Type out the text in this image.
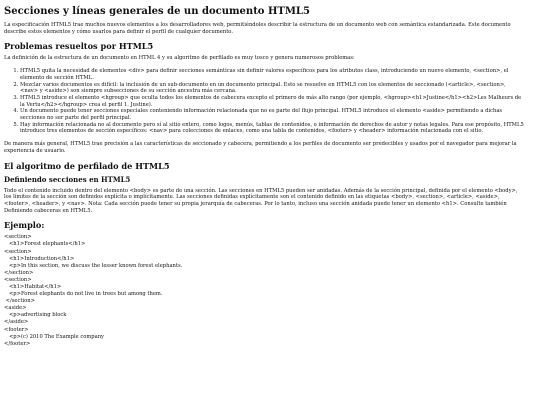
Secciones y líneas generales de un documento HTML5

La especificación HTML5 trae muchos nuevos elementos a los desarrolladores web, permitiéndoles describir la estructura de un documento web con semántica estandarizada. Este documento describe estos elementos y cómo usarlos para definir el perfil de cualquier documento.

Problemas resueltos por HTML5

La definición de la estructura de un documento en HTML 4 y su algoritmo de perfilado es muy tosco y genera numerosos problemas:

1. HTML5 quita la necesidad de elementos <div> para definir secciones semánticas sin definir valores específicos para los atributos class, introduciendo un nuevo elemento, <section>, el elemento de sección HTML.
2. Mezclar varios documentos es difícil: la inclusión de un sub-documento en un documento principal. Esto se resuelve en HTML5 con los elementos de seccionado (<article>, <section>, <nav> y <aside>) son siempre subsecciones de su sección ancestra más cercana.
3. HTML5 introduce el elemento <hgroup> que oculta todos los elementos de cabecera excepto el primero de más alto rango (por ejemplo, <hgroup><h1>Justine</h1><h2>Les Malheurs de la Vertu</h2></hgroup> crea el perfil 1. Justine).
4. Un documento puede tener secciones especiales conteniendo información relacionada que no es parte del flujo principal. HTML5 introduce el elemento <aside> permitiendo a dichas secciones no ser parte del perfil principal.
5. Hay información relacionada no al documento pero sí al sitio entero, como logos, menús, tablas de contenidos, o información de derechos de autor y notas legales. Para ese propósito, HTML5 introduce tres elementos de sección específicos: <nav> para colecciones de enlaces, como una tabla de contenidos, <footer> y <header> información relacionada con el sitio.

De manera más general, HTML5 trae precisión a las características de seccionado y cabecera, permitiendo a los perfiles de documento ser predecibles y usados por el navegador para mejorar la experiencia de usuario.

El algoritmo de perfilado de HTML5
Definiendo secciones en HTML5

Todo el contenido incluido dentro del elemento <body> es parte de una sección. Las secciones en HTML5 pueden ser anidadas. Además de la sección principal, definida por el elemento <body>, los límites de la sección son definidos explícita o implícitamente. Las secciones definidas explícitamente son el contenido definido en las etiquetas <body>, <section>, <article>, <aside>, <footer>, <header>, y <nav>. Nota: Cada sección puede tener su propia jerarquía de cabeceras. Por lo tanto, incluso una sección anidada puede tener un elemento <h1>. Consulte también Definiendo cabeceras en HTML5.

Ejemplo:
<section>
<h1>Forest elephants</h1>
<section>
<h1>Introduction</h1>
<p>In this section, we discuss the lesser known forest elephants.
</section>
<section>
<h1>Habitat</h1>
<p>Forest elephants do not live in trees but among them.
</section>
<aside>
<p>advertising block
</aside>
<footer>
<p>(c) 2010 The Example company
</footer>
